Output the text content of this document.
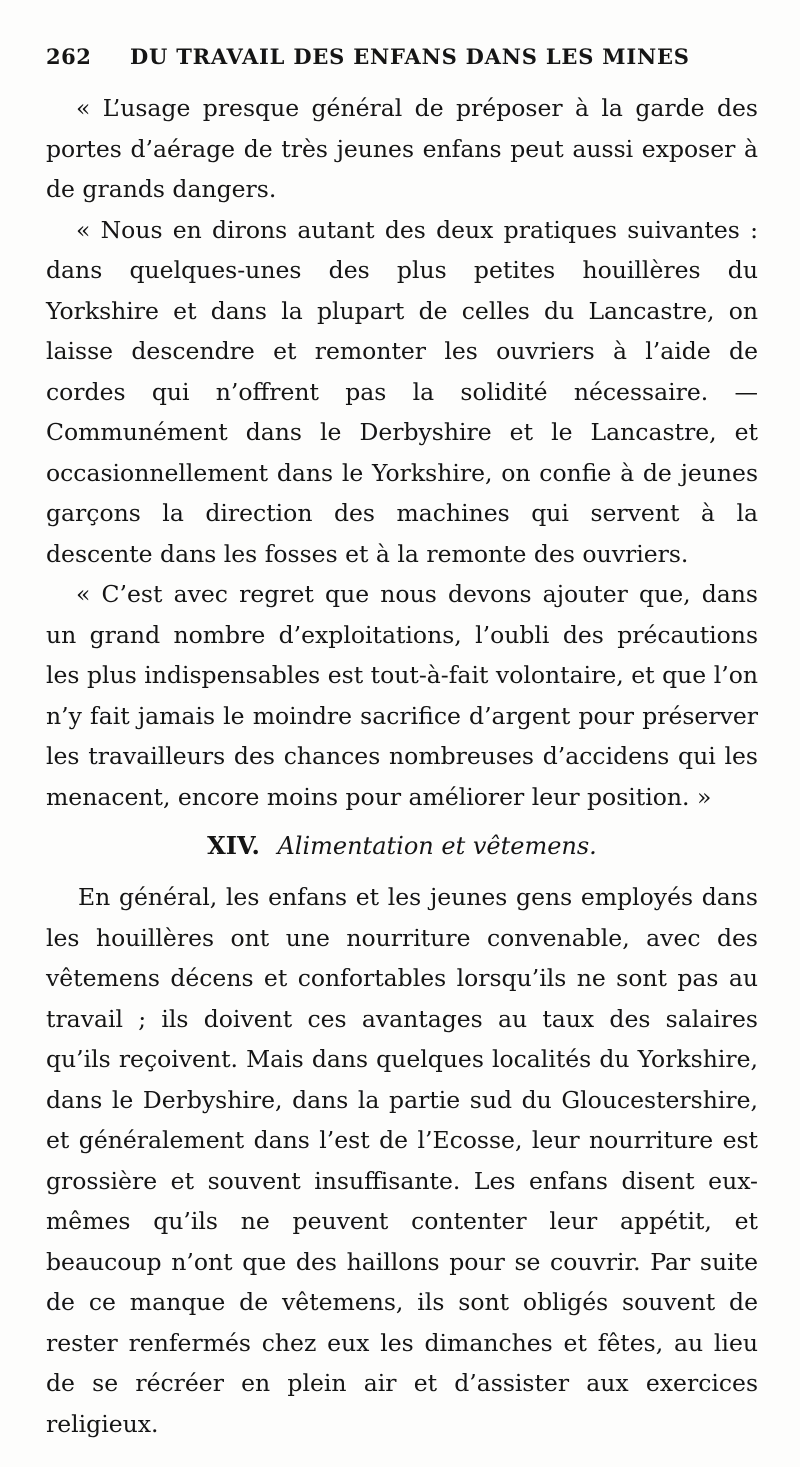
262 DU TRAVAIL DES ENFANS DANS LES MINES

« L’usage presque général de préposer à la garde des portes d’aérage de très jeunes enfans peut aussi exposer à de grands dangers.

« Nous en dirons autant des deux pratiques suivantes : dans quelques-unes des plus petites houillères du Yorkshire et dans la plupart de celles du Lancastre, on laisse descendre et remonter les ouvriers à l’aide de cordes qui n’offrent pas la solidité nécessaire. — Communément dans le Derbyshire et le Lancastre, et occasionnellement dans le Yorkshire, on confie à de jeunes garçons la direction des machines qui servent à la descente dans les fosses et à la remonte des ouvriers.

« C’est avec regret que nous devons ajouter que, dans un grand nombre d’exploitations, l’oubli des précautions les plus indispensables est tout-à-fait volontaire, et que l’on n’y fait jamais le moindre sacrifice d’argent pour préserver les travailleurs des chances nombreuses d’accidens qui les menacent, encore moins pour améliorer leur position. »

XIV. Alimentation et vêtemens.

En général, les enfans et les jeunes gens employés dans les houillères ont une nourriture convenable, avec des vêtemens décens et confortables lorsqu’ils ne sont pas au travail ; ils doivent ces avantages au taux des salaires qu’ils reçoivent. Mais dans quelques localités du Yorkshire, dans le Derbyshire, dans la partie sud du Gloucestershire, et généralement dans l’est de l’Ecosse, leur nourriture est grossière et souvent insuffisante. Les enfans disent eux-mêmes qu’ils ne peuvent contenter leur appétit, et beaucoup n’ont que des haillons pour se couvrir. Par suite de ce manque de vêtemens, ils sont obligés souvent de rester renfermés chez eux les dimanches et fêtes, au lieu de se récréer en plein air et d’assister aux exercices religieux.
